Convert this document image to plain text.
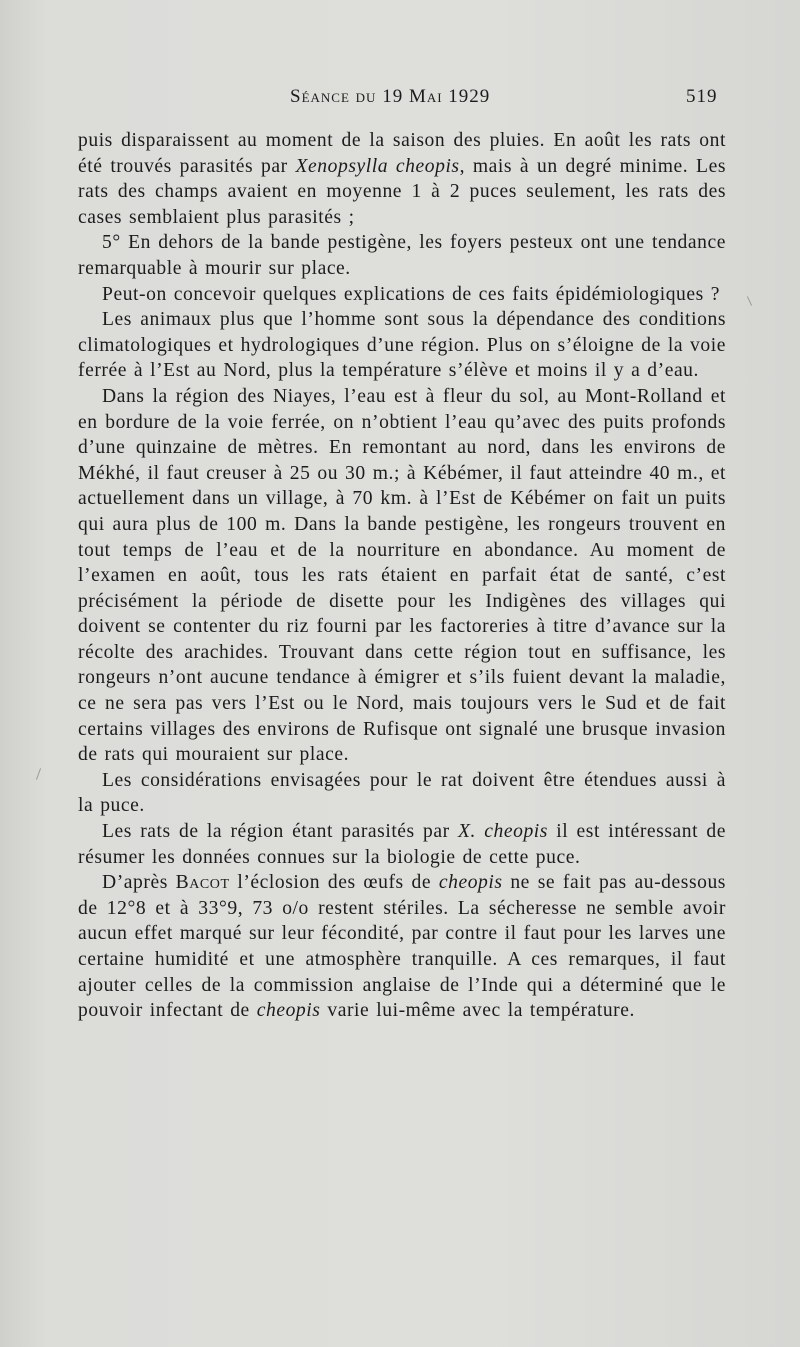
Séance du 19 Mai 1929	519

puis disparaissent au moment de la saison des pluies. En août les rats ont été trouvés parasités par Xenopsylla cheopis, mais à un degré minime. Les rats des champs avaient en moyenne 1 à 2 puces seulement, les rats des cases semblaient plus parasités ;

5° En dehors de la bande pestigène, les foyers pesteux ont une tendance remarquable à mourir sur place.

Peut-on concevoir quelques explications de ces faits épidémiologiques ?

Les animaux plus que l’homme sont sous la dépendance des conditions climatologiques et hydrologiques d’une région. Plus on s’éloigne de la voie ferrée à l’Est au Nord, plus la température s’élève et moins il y a d’eau.

Dans la région des Niayes, l’eau est à fleur du sol, au Mont-Rolland et en bordure de la voie ferrée, on n’obtient l’eau qu’avec des puits profonds d’une quinzaine de mètres. En remontant au nord, dans les environs de Mékhé, il faut creuser à 25 ou 30 m.; à Kébémer, il faut atteindre 40 m., et actuellement dans un village, à 70 km. à l’Est de Kébémer on fait un puits qui aura plus de 100 m. Dans la bande pestigène, les rongeurs trouvent en tout temps de l’eau et de la nourriture en abondance. Au moment de l’examen en août, tous les rats étaient en parfait état de santé, c’est précisément la période de disette pour les Indigènes des villages qui doivent se contenter du riz fourni par les factoreries à titre d’avance sur la récolte des arachides. Trouvant dans cette région tout en suffisance, les rongeurs n’ont aucune tendance à émigrer et s’ils fuient devant la maladie, ce ne sera pas vers l’Est ou le Nord, mais toujours vers le Sud et de fait certains villages des environs de Rufisque ont signalé une brusque invasion de rats qui mouraient sur place.

Les considérations envisagées pour le rat doivent être étendues aussi à la puce.

Les rats de la région étant parasités par X. cheopis il est intéressant de résumer les données connues sur la biologie de cette puce.

D’après Bacot l’éclosion des œufs de cheopis ne se fait pas au-dessous de 12°8 et à 33°9, 73 o/o restent stériles. La sécheresse ne semble avoir aucun effet marqué sur leur fécondité, par contre il faut pour les larves une certaine humidité et une atmosphère tranquille. A ces remarques, il faut ajouter celles de la commission anglaise de l’Inde qui a déterminé que le pouvoir infectant de cheopis varie lui-même avec la température.
